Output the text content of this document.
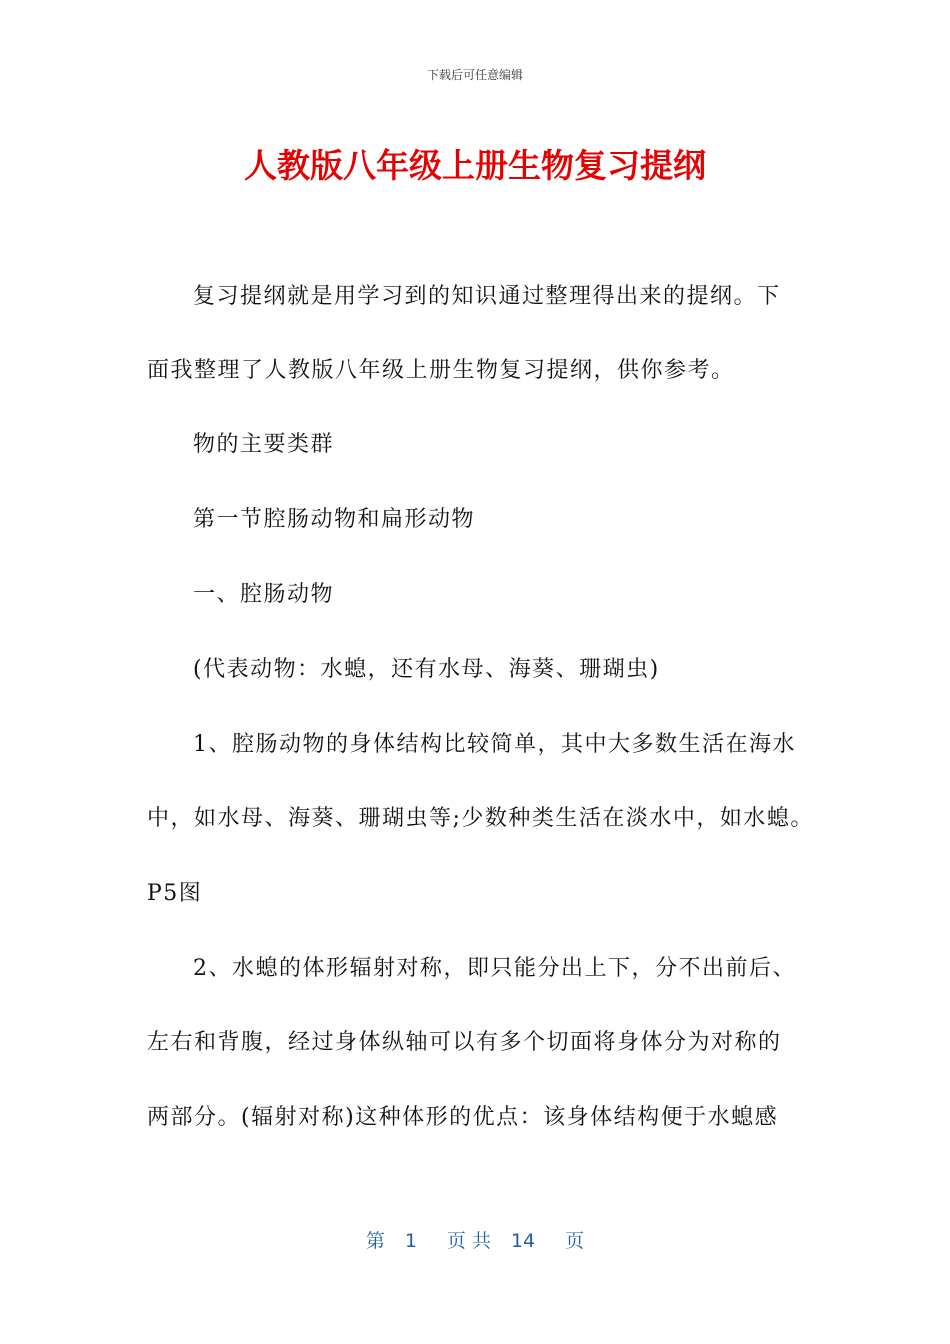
下载后可任意编辑
人教版八年级上册生物复习提纲
复习提纲就是用学习到的知识通过整理得出来的提纲。下
面我整理了人教版八年级上册生物复习提纲，供你参考。
物的主要类群
第一节腔肠动物和扁形动物
一、腔肠动物
(代表动物：水螅，还有水母、海葵、珊瑚虫)
1、腔肠动物的身体结构比较简单，其中大多数生活在海水
中，如水母、海葵、珊瑚虫等;少数种类生活在淡水中，如水螅。
P5图
2、水螅的体形辐射对称，即只能分出上下，分不出前后、
左右和背腹，经过身体纵轴可以有多个切面将身体分为对称的
两部分。(辐射对称)这种体形的优点：该身体结构便于水螅感
第 1 页 共 14 页
